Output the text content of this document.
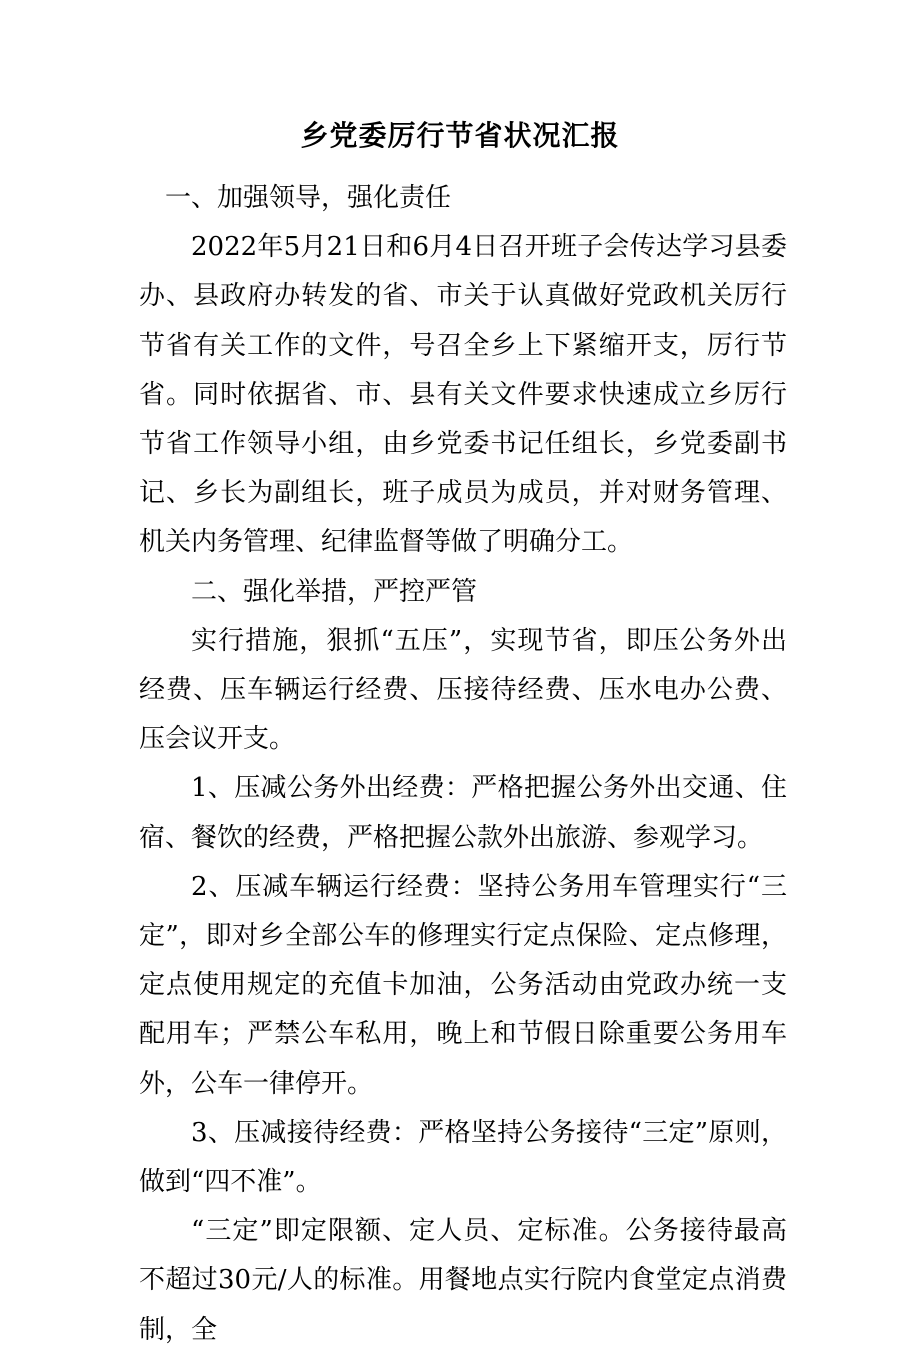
乡党委厉行节省状况汇报

一、加强领导，强化责任

2022年5月21日和6月4日召开班子会传达学习县委办、县政府办转发的省、市关于认真做好党政机关厉行节省有关工作的文件，号召全乡上下紧缩开支，厉行节省。同时依据省、市、县有关文件要求快速成立乡厉行节省工作领导小组，由乡党委书记任组长，乡党委副书记、乡长为副组长，班子成员为成员，并对财务管理、机关内务管理、纪律监督等做了明确分工。

二、强化举措，严控严管

实行措施，狠抓“五压”，实现节省，即压公务外出经费、压车辆运行经费、压接待经费、压水电办公费、压会议开支。

1、压减公务外出经费：严格把握公务外出交通、住宿、餐饮的经费，严格把握公款外出旅游、参观学习。

2、压减车辆运行经费：坚持公务用车管理实行“三定”，即对乡全部公车的修理实行定点保险、定点修理，定点使用规定的充值卡加油，公务活动由党政办统一支配用车；严禁公车私用，晚上和节假日除重要公务用车外，公车一律停开。

3、压减接待经费：严格坚持公务接待“三定”原则，做到“四不准”。

“三定”即定限额、定人员、定标准。公务接待最高不超过30元/人的标准。用餐地点实行院内食堂定点消费制，全
